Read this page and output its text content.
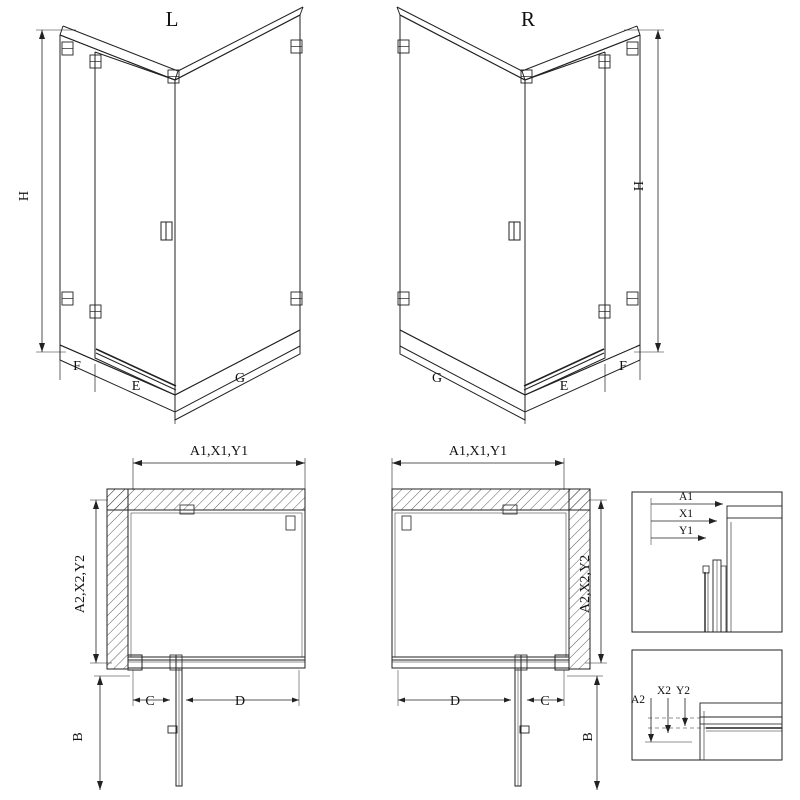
L
H
F
E
G
R
H
F
E
G
A1,X1,Y1
A2,X2,Y2
C	D
B
A1,X1,Y1
A2,X2,Y2
D	C
B
A1
X1
Y1
A2
X2 Y2
